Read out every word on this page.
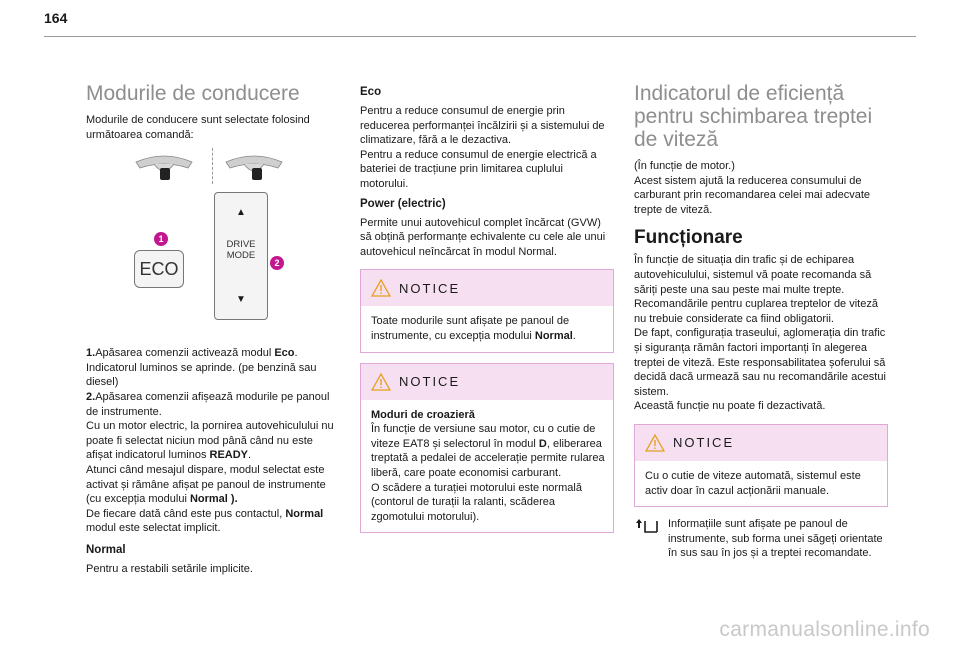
164
Modurile de conducere

Modurile de conducere sunt selectate folosind următoarea comandă:

1
ECO
▲
DRIVE
MODE
▼
2

1.Apăsarea comenzii activează modul Eco.

Indicatorul luminos se aprinde. (pe benzină sau diesel)

2.Apăsarea comenzii afișează modurile pe panoul de instrumente.

Cu un motor electric, la pornirea autovehiculului nu poate fi selectat niciun mod până când nu este afișat indicatorul luminos READY.

Atunci când mesajul dispare, modul selectat este activat și rămâne afișat pe panoul de instrumente (cu excepția modului Normal ).

De fiecare dată când este pus contactul, Normal modul este selectat implicit.

Normal

Pentru a restabili setările implicite.

Eco

Pentru a reduce consumul de energie prin reducerea performanței încălzirii și a sistemului de climatizare, fără a le dezactiva.

Pentru a reduce consumul de energie electrică a bateriei de tracțiune prin limitarea cuplului motorului.

Power (electric)

Permite unui autovehicul complet încărcat (GVW) să obțină performanțe echivalente cu cele ale unui autovehicul neîncărcat în modul Normal.

NOTICE

Toate modurile sunt afișate pe panoul de instrumente, cu excepția modului Normal.

NOTICE

Moduri de croazieră

În funcție de versiune sau motor, cu o cutie de viteze EAT8 și selectorul în modul D, eliberarea treptată a pedalei de accelerație permite rularea liberă, care poate economisi carburant.

O scădere a turației motorului este normală (contorul de turații la ralanti, scăderea zgomotului motorului).

Indicatorul de eficiență pentru schimbarea treptei de viteză

(În funcție de motor.)

Acest sistem ajută la reducerea consumului de carburant prin recomandarea celei mai adecvate trepte de viteză.

Funcționare

În funcție de situația din trafic și de echiparea autovehiculului, sistemul vă poate recomanda să săriți peste una sau peste mai multe trepte.

Recomandările pentru cuplarea treptelor de viteză nu trebuie considerate ca fiind obligatorii.

De fapt, configurația traseului, aglomerația din trafic și siguranța rămân factori importanți în alegerea treptei de viteză. Este responsabilitatea șoferului să decidă dacă urmează sau nu recomandările acestui sistem.

Această funcție nu poate fi dezactivată.

NOTICE

Cu o cutie de viteze automată, sistemul este activ doar în cazul acționării manuale.

Informațiile sunt afișate pe panoul de instrumente, sub forma unei săgeți orientate în sus sau în jos și a treptei recomandate.

carmanualsonline.info
